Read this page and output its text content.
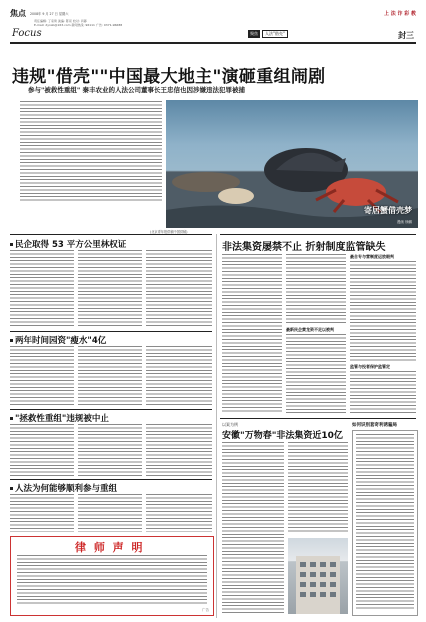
焦点 2008年 9 月 27 日 星期六	上 法 诈 彩 教
责任编辑: 丁家琦 美编: 陈亮 校对: 肖蓉
E-mail: dynsb@163.com 新闻热线: 96111 广告: 0371-96688
Focus	聚焦	人法"借壳"	封三
违规"借壳""中国最大地主"演砸重组闹剧
参与"被救性重组" 秦丰农业的人法公司董事长王忠信也因涉嫌违法犯罪被捕
寄居蟹借壳梦
漫画 徐鹏
(北京青年报供稿中国供稿)
民企取得 53 平方公里林权证
两年时间园资"瘦水"4亿
"拯救性重组"违规被中止
人法为何能够顺利参与重组
律 师 声 明
广告
非法集资屡禁不止 折射制度监管缺失
最新民企黄龙资不足以被判
最合专与营制度运放眼判
监管与投者保护监管定
以案为例
安徽"万物春"非法集资近10亿
如何识别套奇利诱骗局
